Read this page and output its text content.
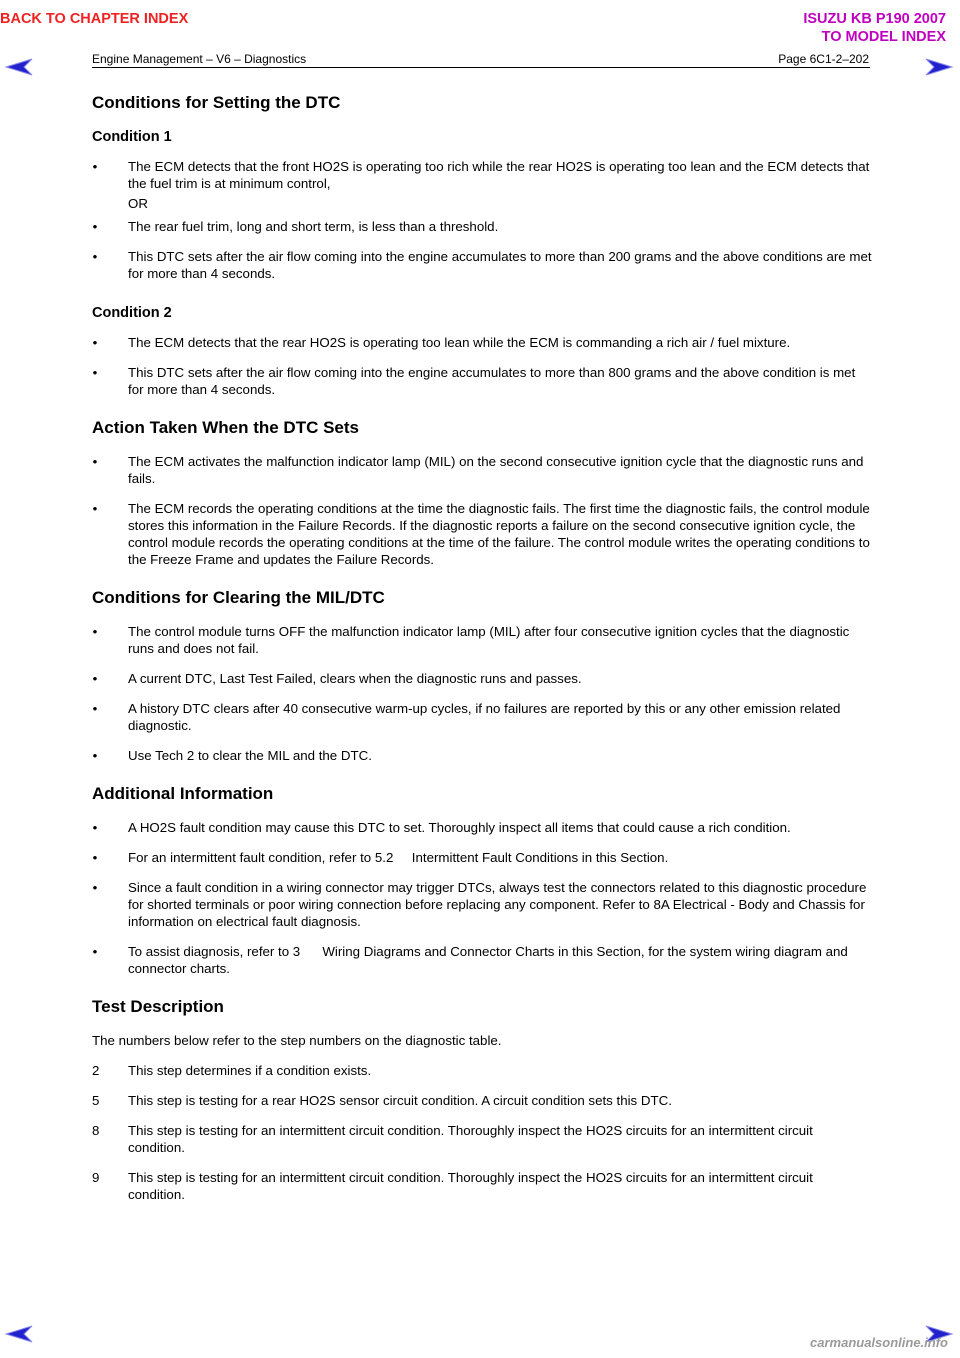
BACK TO CHAPTER INDEX	ISUZU KB P190 2007
TO MODEL INDEX
Engine Management – V6 – Diagnostics	Page 6C1-2–202
Conditions for Setting the DTC
Condition 1
• The ECM detects that the front HO2S is operating too rich while the rear HO2S is operating too lean and the ECM detects that the fuel trim is at minimum control,
OR
• The rear fuel trim, long and short term, is less than a threshold.
• This DTC sets after the air flow coming into the engine accumulates to more than 200 grams and the above conditions are met for more than 4 seconds.
Condition 2
• The ECM detects that the rear HO2S is operating too lean while the ECM is commanding a rich air / fuel mixture.
• This DTC sets after the air flow coming into the engine accumulates to more than 800 grams and the above condition is met for more than 4 seconds.
Action Taken When the DTC Sets
• The ECM activates the malfunction indicator lamp (MIL) on the second consecutive ignition cycle that the diagnostic runs and fails.
• The ECM records the operating conditions at the time the diagnostic fails. The first time the diagnostic fails, the control module stores this information in the Failure Records. If the diagnostic reports a failure on the second consecutive ignition cycle, the control module records the operating conditions at the time of the failure. The control module writes the operating conditions to the Freeze Frame and updates the Failure Records.
Conditions for Clearing the MIL/DTC
• The control module turns OFF the malfunction indicator lamp (MIL) after four consecutive ignition cycles that the diagnostic runs and does not fail.
• A current DTC, Last Test Failed, clears when the diagnostic runs and passes.
• A history DTC clears after 40 consecutive warm-up cycles, if no failures are reported by this or any other emission related diagnostic.
• Use Tech 2 to clear the MIL and the DTC.
Additional Information
• A HO2S fault condition may cause this DTC to set. Thoroughly inspect all items that could cause a rich condition.
• For an intermittent fault condition, refer to 5.2     Intermittent Fault Conditions in this Section.
• Since a fault condition in a wiring connector may trigger DTCs, always test the connectors related to this diagnostic procedure for shorted terminals or poor wiring connection before replacing any component. Refer to 8A Electrical - Body and Chassis for information on electrical fault diagnosis.
• To assist diagnosis, refer to 3      Wiring Diagrams and Connector Charts in this Section, for the system wiring diagram and connector charts.
Test Description

The numbers below refer to the step numbers on the diagnostic table.

2 This step determines if a condition exists.
5 This step is testing for a rear HO2S sensor circuit condition. A circuit condition sets this DTC.
8 This step is testing for an intermittent circuit condition. Thoroughly inspect the HO2S circuits for an intermittent circuit condition.
9 This step is testing for an intermittent circuit condition. Thoroughly inspect the HO2S circuits for an intermittent circuit condition.
carmanualsonline.info
